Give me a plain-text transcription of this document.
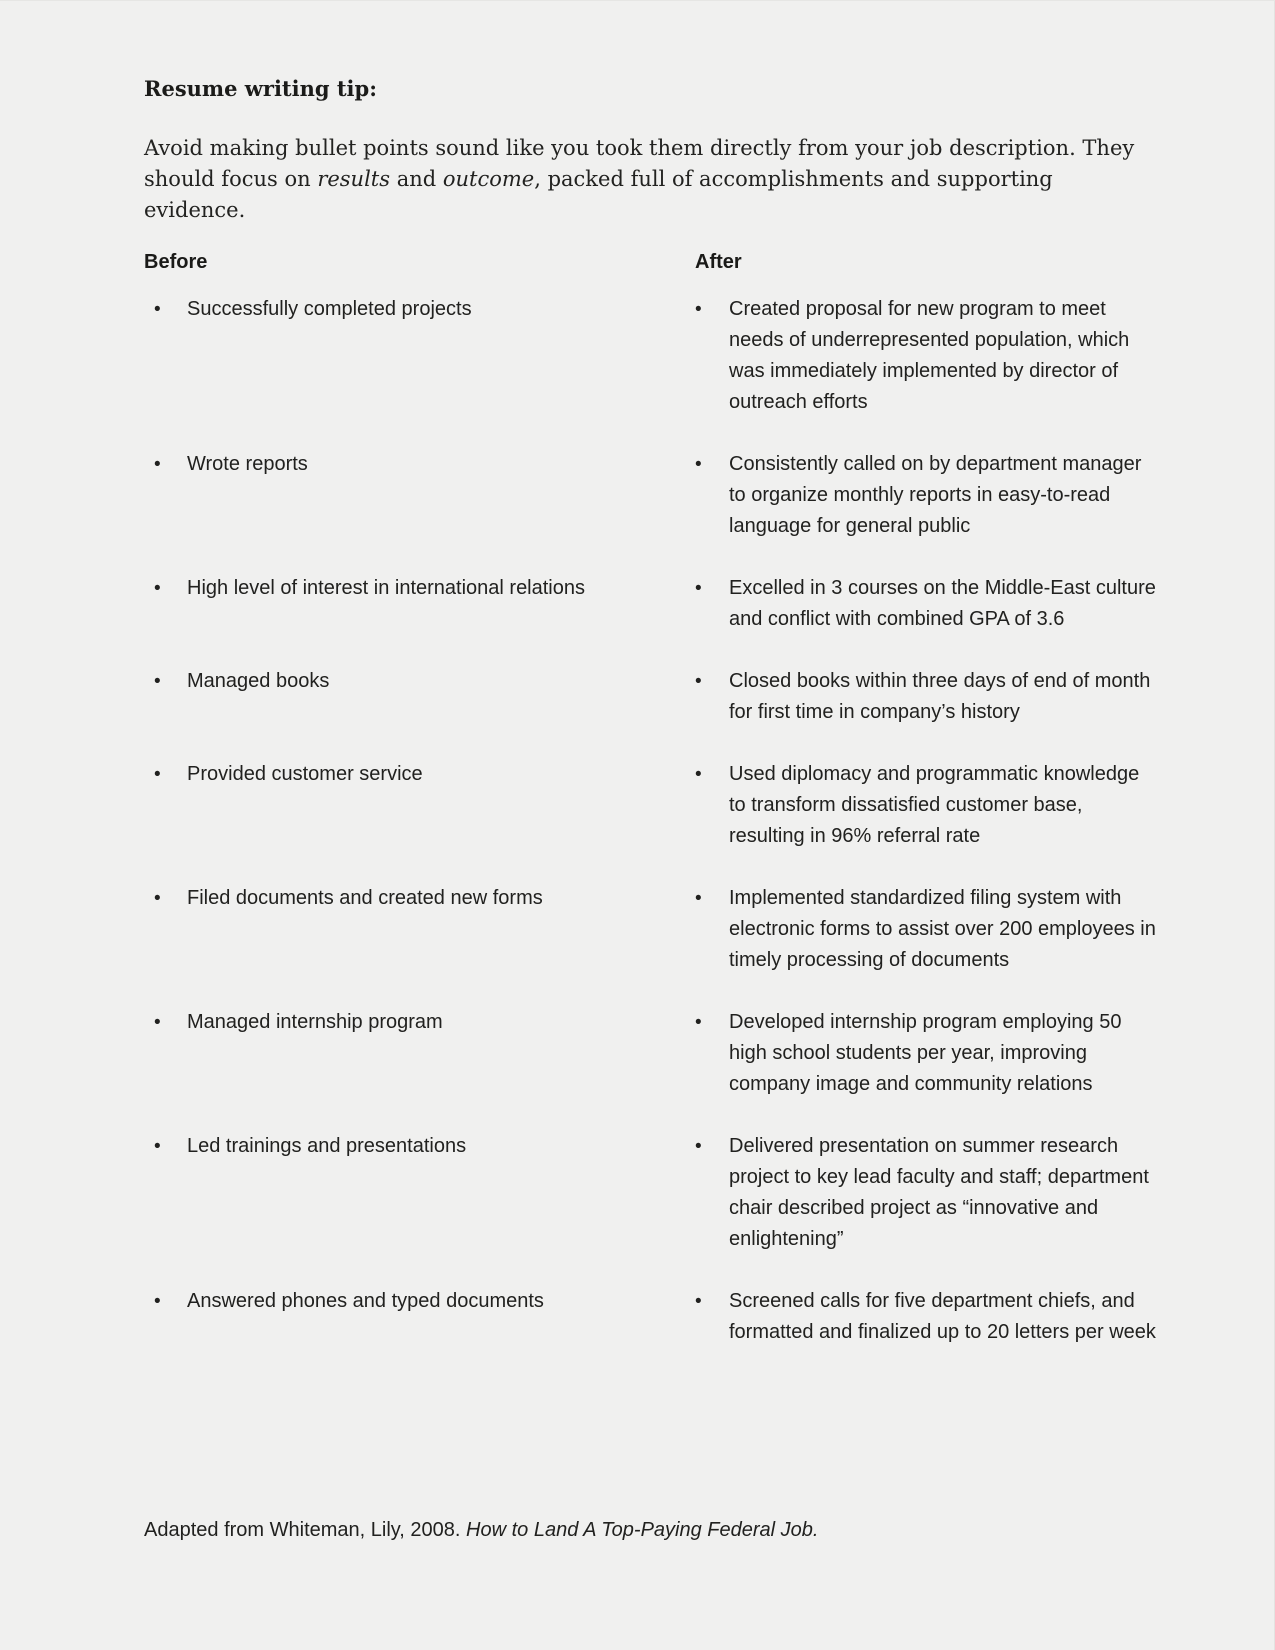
Resume writing tip:

Avoid making bullet points sound like you took them directly from your job description. They should focus on results and outcome, packed full of accomplishments and supporting evidence.

Before	After
•	Successfully completed projects	•	Created proposal for new program to meet needs of underrepresented population, which was immediately implemented by director of outreach efforts
•	Wrote reports	•	Consistently called on by department manager to organize monthly reports in easy-to-read language for general public
•	High level of interest in international relations	•	Excelled in 3 courses on the Middle-East culture and conflict with combined GPA of 3.6
•	Managed books	•	Closed books within three days of end of month for first time in company’s history
•	Provided customer service	•	Used diplomacy and programmatic knowledge to transform dissatisfied customer base, resulting in 96% referral rate
•	Filed documents and created new forms	•	Implemented standardized filing system with electronic forms to assist over 200 employees in timely processing of documents
•	Managed internship program	•	Developed internship program employing 50 high school students per year, improving company image and community relations
•	Led trainings and presentations	•	Delivered presentation on summer research project to key lead faculty and staff; department chair described project as “innovative and enlightening”
•	Answered phones and typed documents	•	Screened calls for five department chiefs, and formatted and finalized up to 20 letters per week
Adapted from Whiteman, Lily, 2008. How to Land A Top-Paying Federal Job.
